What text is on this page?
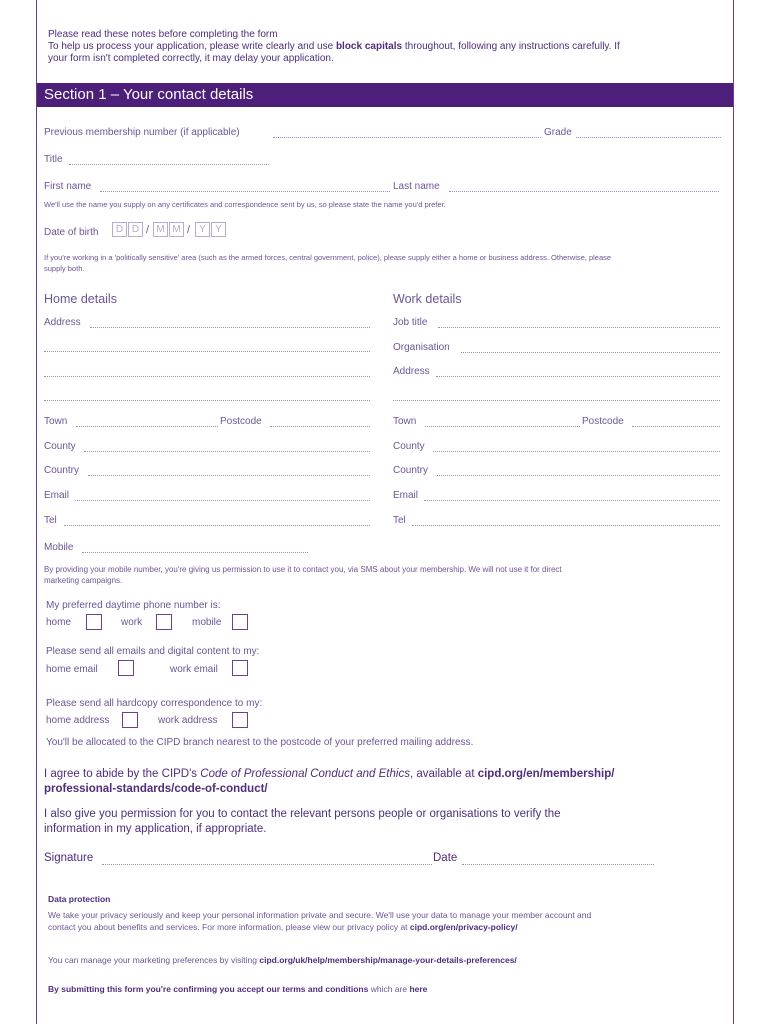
Please read these notes before completing the form
To help us process your application, please write clearly and use block capitals throughout, following any instructions carefully. If
your form isn't completed correctly, it may delay your application.
Section 1 – Your contact details
Previous membership number (if applicable)	Grade
Title
First name	Last name
We'll use the name you supply on any certificates and correspondence sent by us, so please state the name you'd prefer.
Date of birth	D D / M M / Y Y
If you're working in a 'politically sensitive' area (such as the armed forces, central government, police), please supply either a home or business address. Otherwise, please
supply both.
Home details
Address
Town	Postcode
County
Country
Email
Tel
Work details
Job title
Organisation
Address
Town	Postcode
County
Country
Email
Tel
Mobile
By providing your mobile number, you're giving us permission to use it to contact you, via SMS about your membership. We will not use it for direct
marketing campaigns.
My preferred daytime phone number is:
home	work	mobile
Please send all emails and digital content to my:
home email	work email
Please send all hardcopy correspondence to my:
home address	work address
You'll be allocated to the CIPD branch nearest to the postcode of your preferred mailing address.
I agree to abide by the CIPD's Code of Professional Conduct and Ethics, available at cipd.org/en/membership/
professional-standards/code-of-conduct/
I also give you permission for you to contact the relevant persons people or organisations to verify the
information in my application, if appropriate.
Signature	Date
Data protection
We take your privacy seriously and keep your personal information private and secure. We'll use your data to manage your member account and
contact you about benefits and services. For more information, please view our privacy policy at cipd.org/en/privacy-policy/
You can manage your marketing preferences by visiting cipd.org/uk/help/membership/manage-your-details-preferences/
By submitting this form you're confirming you accept our terms and conditions which are here
